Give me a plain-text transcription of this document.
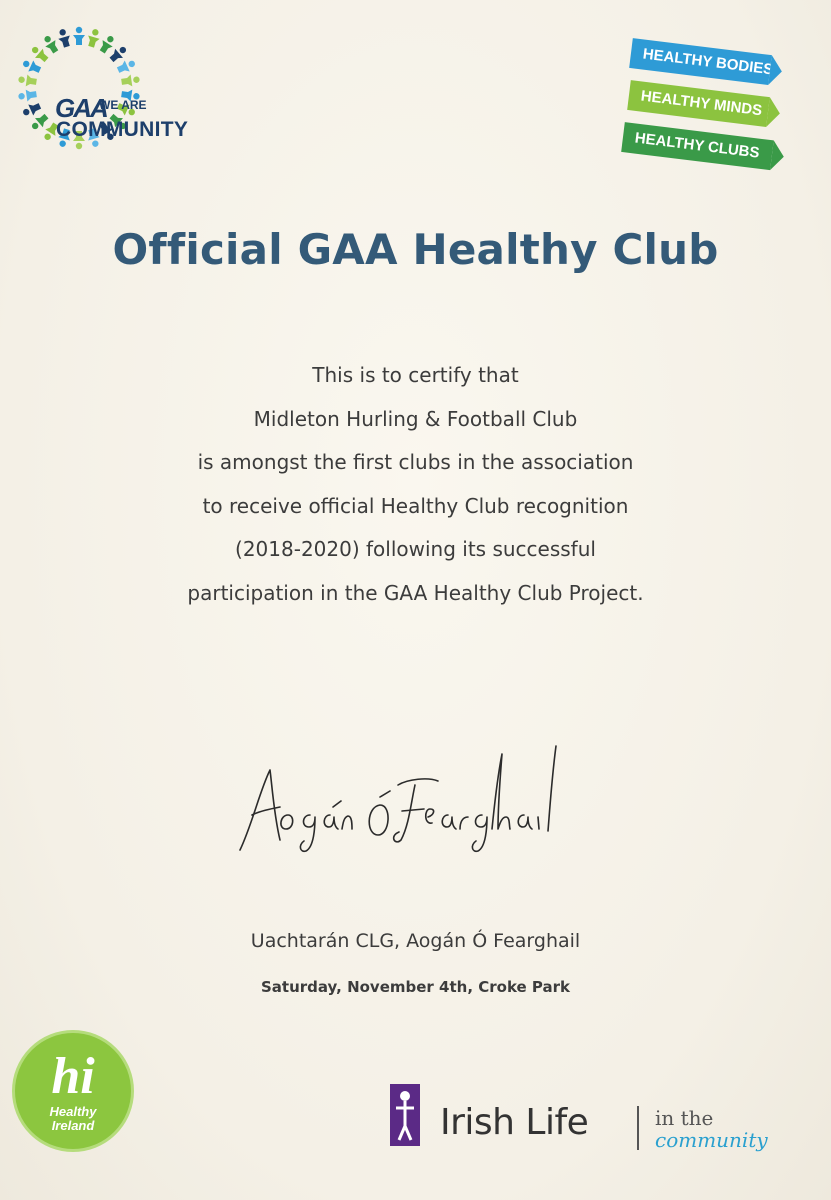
GAA
WE ARE
COMMUNITY
HEALTHY BODIES
HEALTHY MINDS
HEALTHY CLUBS
Official GAA Healthy Club
This is to certify that
Midleton Hurling & Football Club
is amongst the first clubs in the association
to receive official Healthy Club recognition
(2018-2020) following its successful
participation in the GAA Healthy Club Project.
Uachtarán CLG, Aogán Ó Fearghail
Saturday, November 4th, Croke Park
hi
Healthy
Ireland	Irish Life	in the
community
